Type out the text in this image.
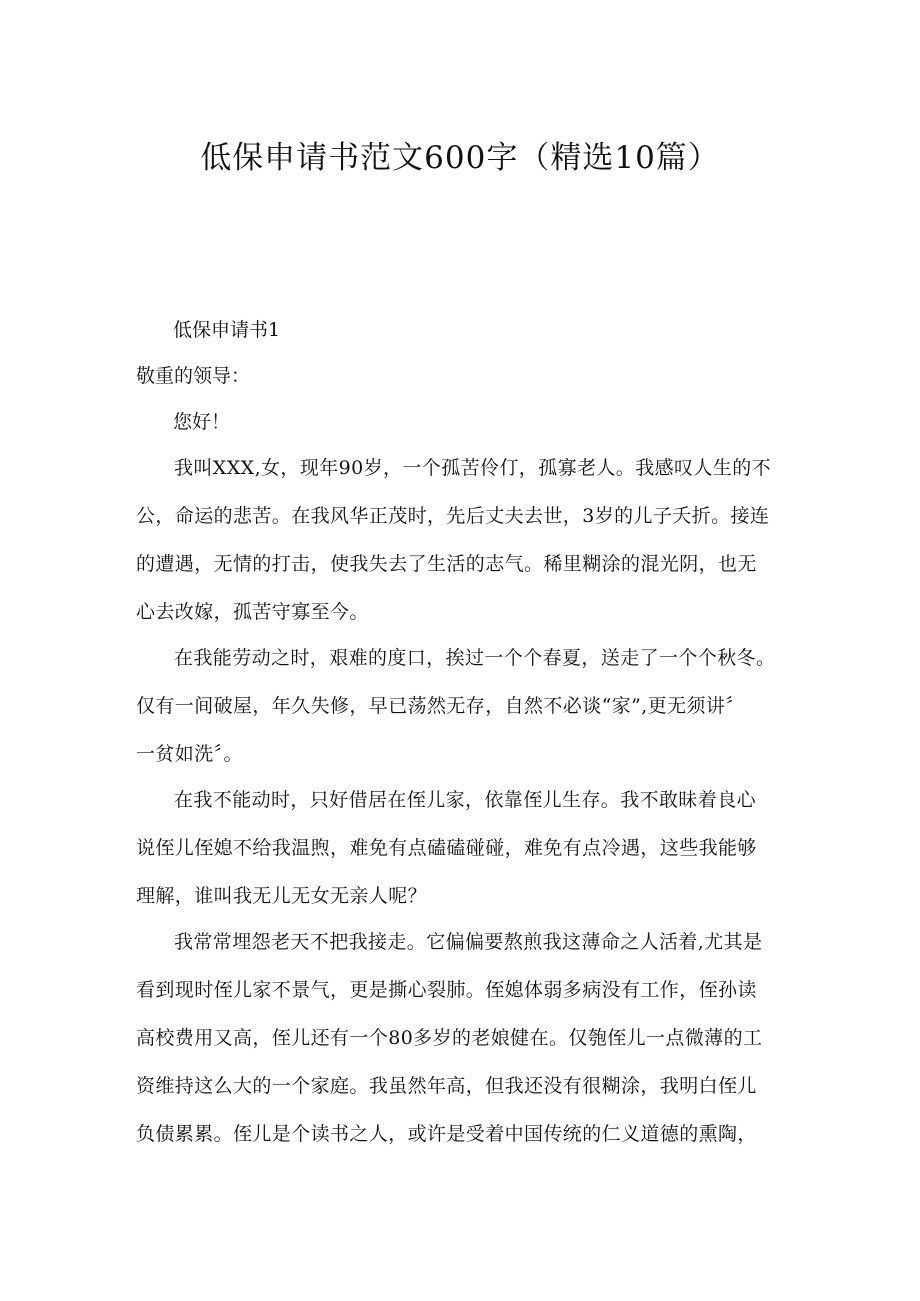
低保申请书范文600字（精选10篇）

低保申请书1

敬重的领导：

您好！

我叫XXX,女，现年90岁，一个孤苦伶仃，孤寡老人。我感叹人生的不
公，命运的悲苦。在我风华正茂时，先后丈夫去世，3岁的儿子夭折。接连
的遭遇，无情的打击，使我失去了生活的志气。稀里糊涂的混光阴，也无
心去改嫁，孤苦守寡至今。
在我能劳动之时，艰难的度口，挨过一个个春夏，送走了一个个秋冬。
仅有一间破屋，年久失修，早已荡然无存，自然不必谈“家”,更无须讲〞
一贫如洗〞。
在我不能动时，只好借居在侄儿家，依靠侄儿生存。我不敢昧着良心
说侄儿侄媳不给我温煦，难免有点磕磕碰碰，难免有点冷遇，这些我能够
理解，谁叫我无儿无女无亲人呢？
我常常埋怨老天不把我接走。它偏偏要熬煎我这薄命之人活着,尤其是
看到现时侄儿家不景气，更是撕心裂肺。侄媳体弱多病没有工作，侄孙读
高校费用又高，侄儿还有一个80多岁的老娘健在。仅匏侄儿一点微薄的工
资维持这么大的一个家庭。我虽然年高，但我还没有很糊涂，我明白侄儿
负债累累。侄儿是个读书之人，或许是受着中国传统的仁义道德的熏陶，
